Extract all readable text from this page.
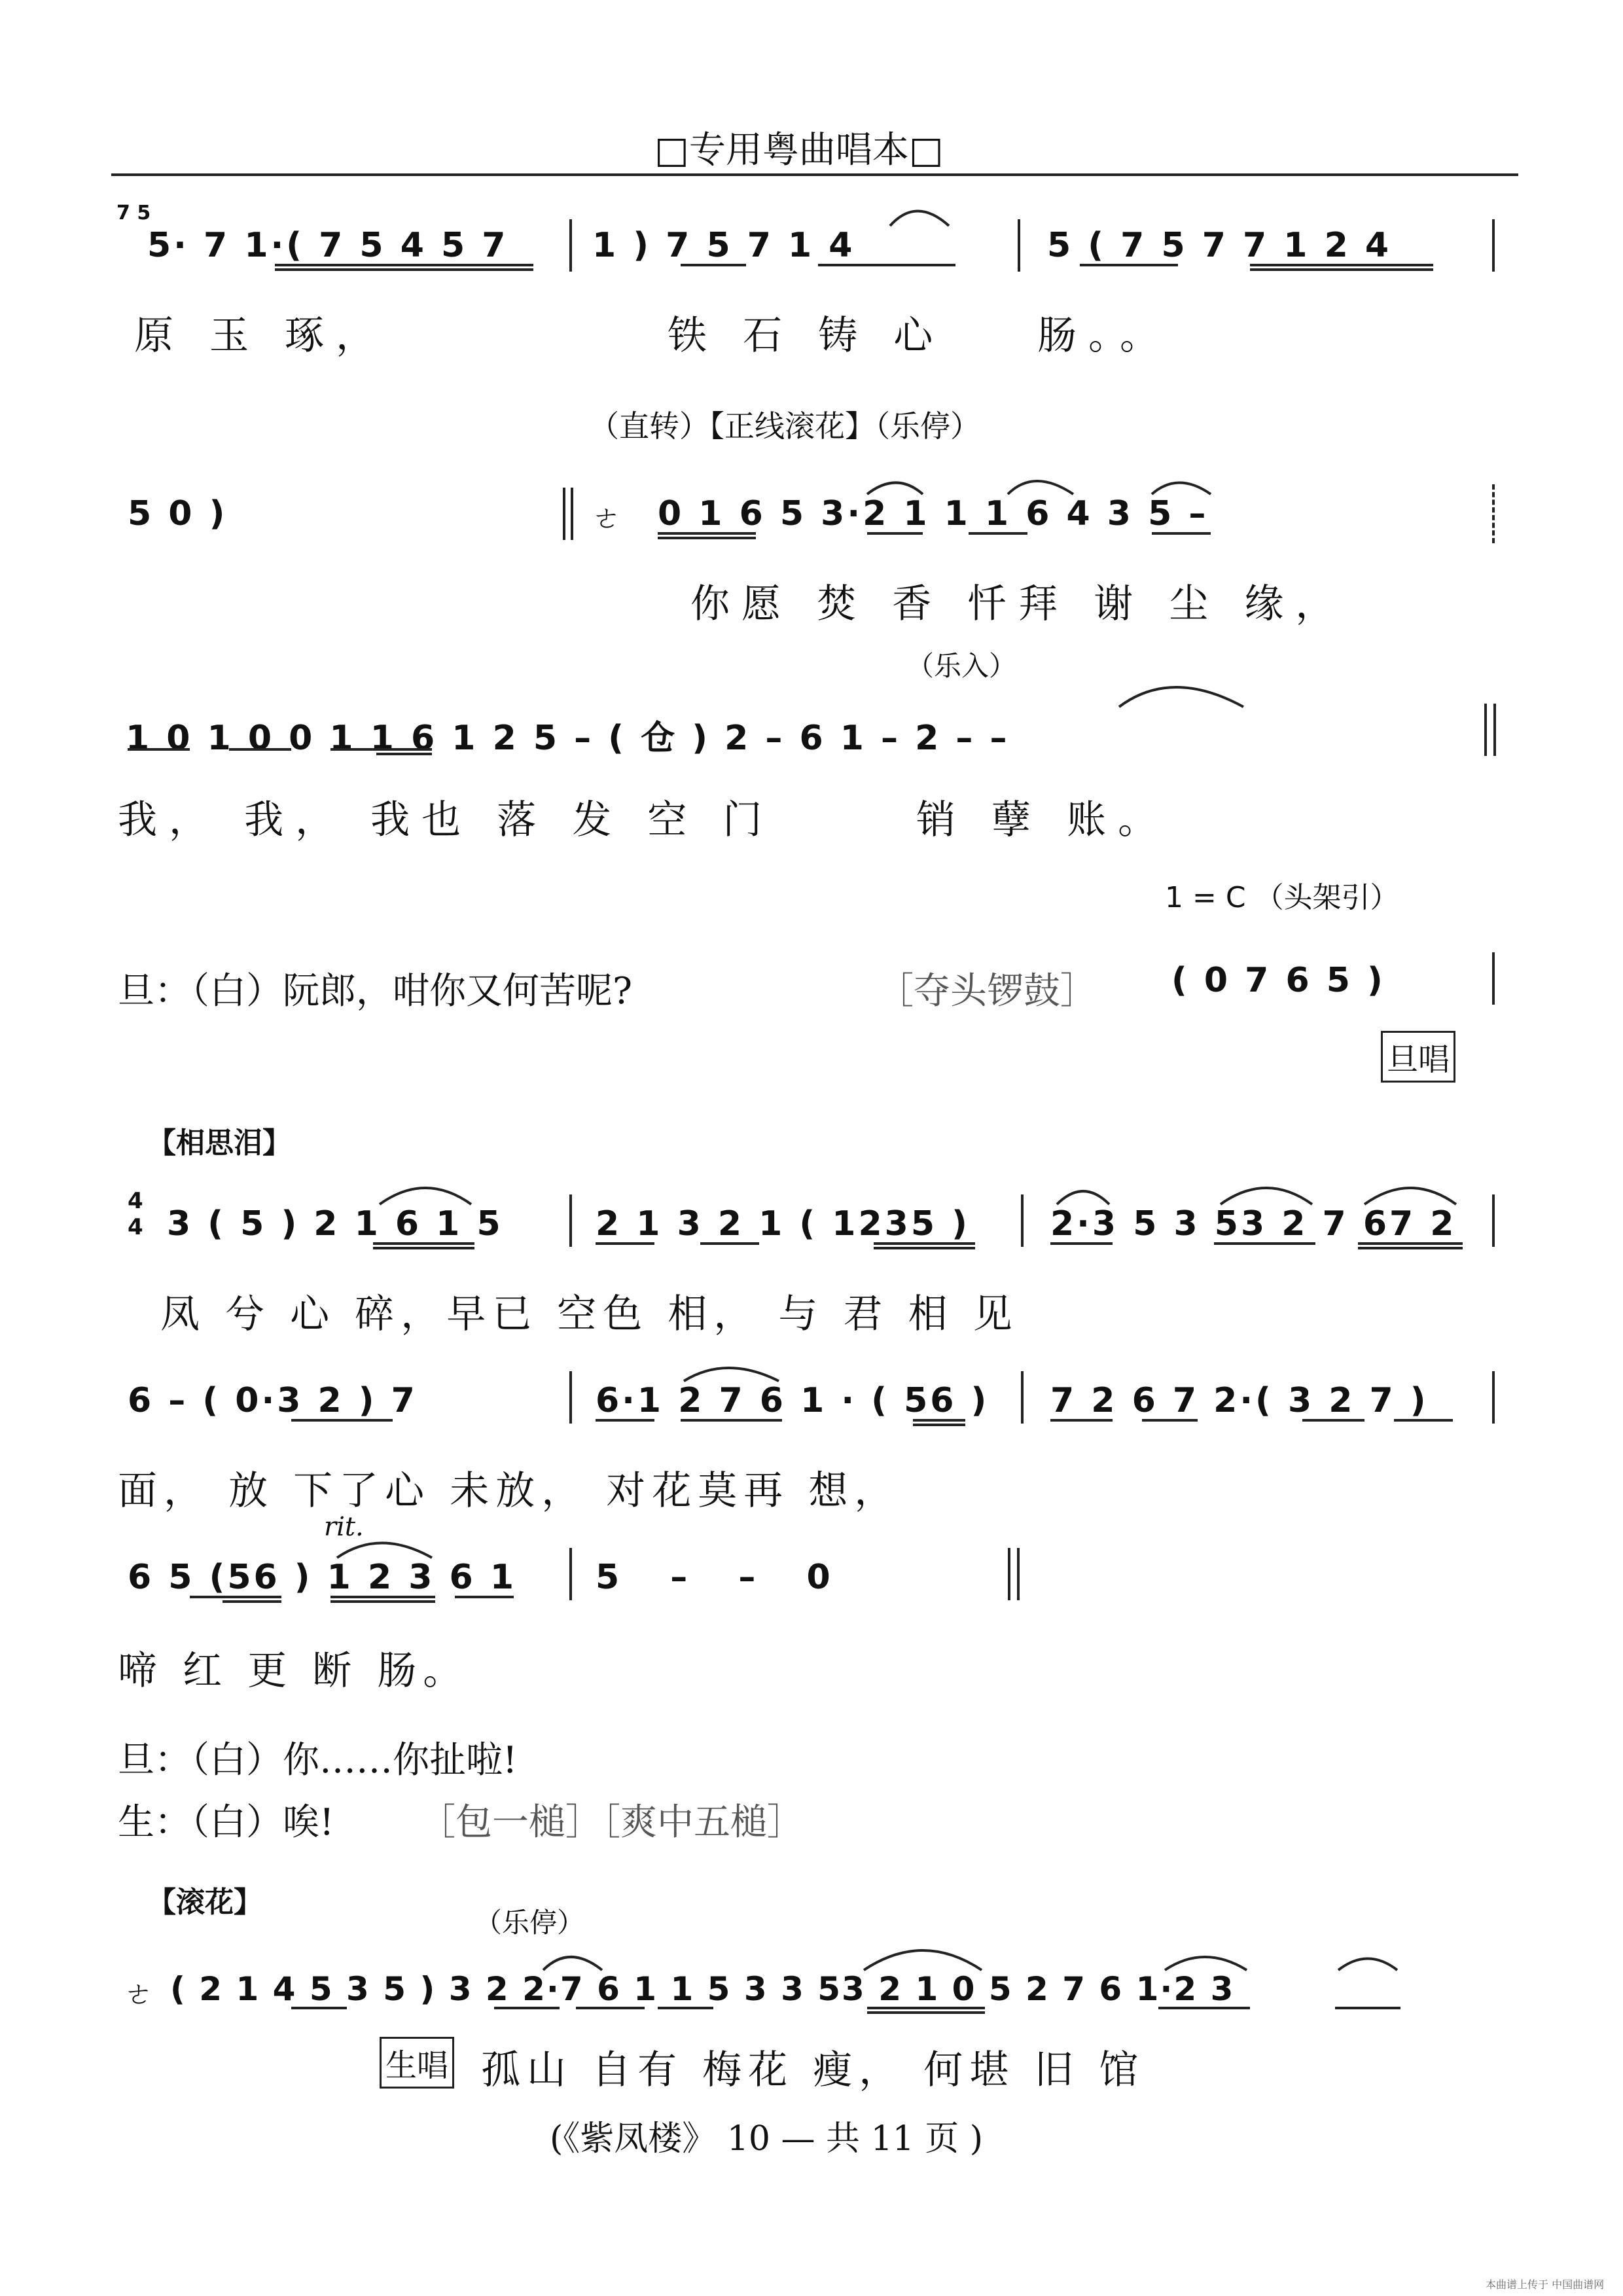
□专用粤曲唱本□
7 5
5· 7 1·( 7 5 4 5 7 1 ) 7 5 7 1 4	5 ( 7 5 7 7 1 2 4
原 玉 琢，	铁 石 铸 心 肠。。
（直转）【正线滚花】（乐停）
5 0 )	ㄜ 0 1 6 5 3·2 1 1 1 6 4 3 5 –
你愿 焚 香 忏拜 谢 尘 缘，
（乐入）
1 0 1 0 0 1 1 6 1 2 5 – ( 仓 ) 2 – 6 1 – 2 – –
我， 我， 我也 落 发 空 门	销 孽 账。
1 = C （头架引）
旦：（白）阮郎，咁你又何苦呢?	［夺头锣鼓］ ( 0 7 6 5 )
旦唱
【相思泪】
4
4 3 ( 5 ) 2 1 6 1 5	2 1 3 2 1 ( 1235 ) 2·3 5 3 53 2 7 67 2
凤 兮 心 碎，早已 空色 相， 与 君 相 见
6 – ( 0·3 2 ) 7	6·1 2 7 6 1 · ( 56 ) 7 2 6 7 2·( 3 2 7 )
面， 放 下了心 未放， 对花莫再 想，
rit.
6 5 (56 ) 1 2 3 6 1 5 – – 0
啼 红 更 断 肠。
旦：（白）你……你扯啦!
生：（白）唉! ［包一槌］［爽中五槌］
【滚花】
（乐停）
ㄜ ( 2 1 4 5 3 5 ) 3 2 2·7 6 1 1 5 3 3 53 2 1 0 5 2 7 6 1·2 3
生唱 孤山 自有 梅花 瘦， 何堪 旧 馆
(《紫凤楼》 10 — 共 11 页 )
本曲谱上传于 中国曲谱网
